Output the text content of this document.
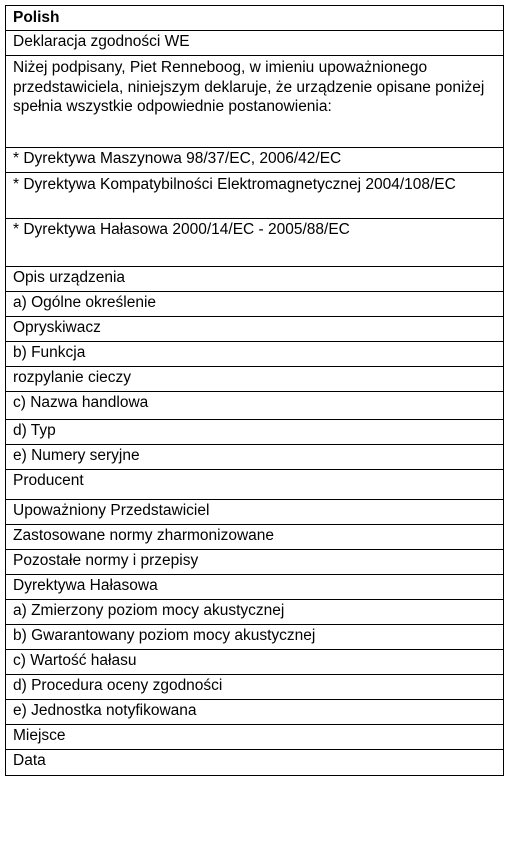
Polish
Deklaracja zgodności WE
Niżej podpisany, Piet Renneboog, w imieniu upoważnionego przedstawiciela, niniejszym deklaruje, że urządzenie opisane poniżej spełnia wszystkie odpowiednie postanowienia:
* Dyrektywa Maszynowa 98/37/EC, 2006/42/EC
* Dyrektywa Kompatybilności Elektromagnetycznej 2004/108/EC
* Dyrektywa Hałasowa 2000/14/EC - 2005/88/EC
Opis urządzenia
a) Ogólne określenie
Opryskiwacz
b) Funkcja
rozpylanie cieczy
c) Nazwa handlowa
d) Typ
e) Numery seryjne
Producent
Upoważniony Przedstawiciel
Zastosowane normy zharmonizowane
Pozostałe normy i przepisy
Dyrektywa Hałasowa
a) Zmierzony poziom mocy akustycznej
b) Gwarantowany poziom mocy akustycznej
c) Wartość hałasu
d) Procedura oceny zgodności
e) Jednostka notyfikowana
Miejsce
Data
